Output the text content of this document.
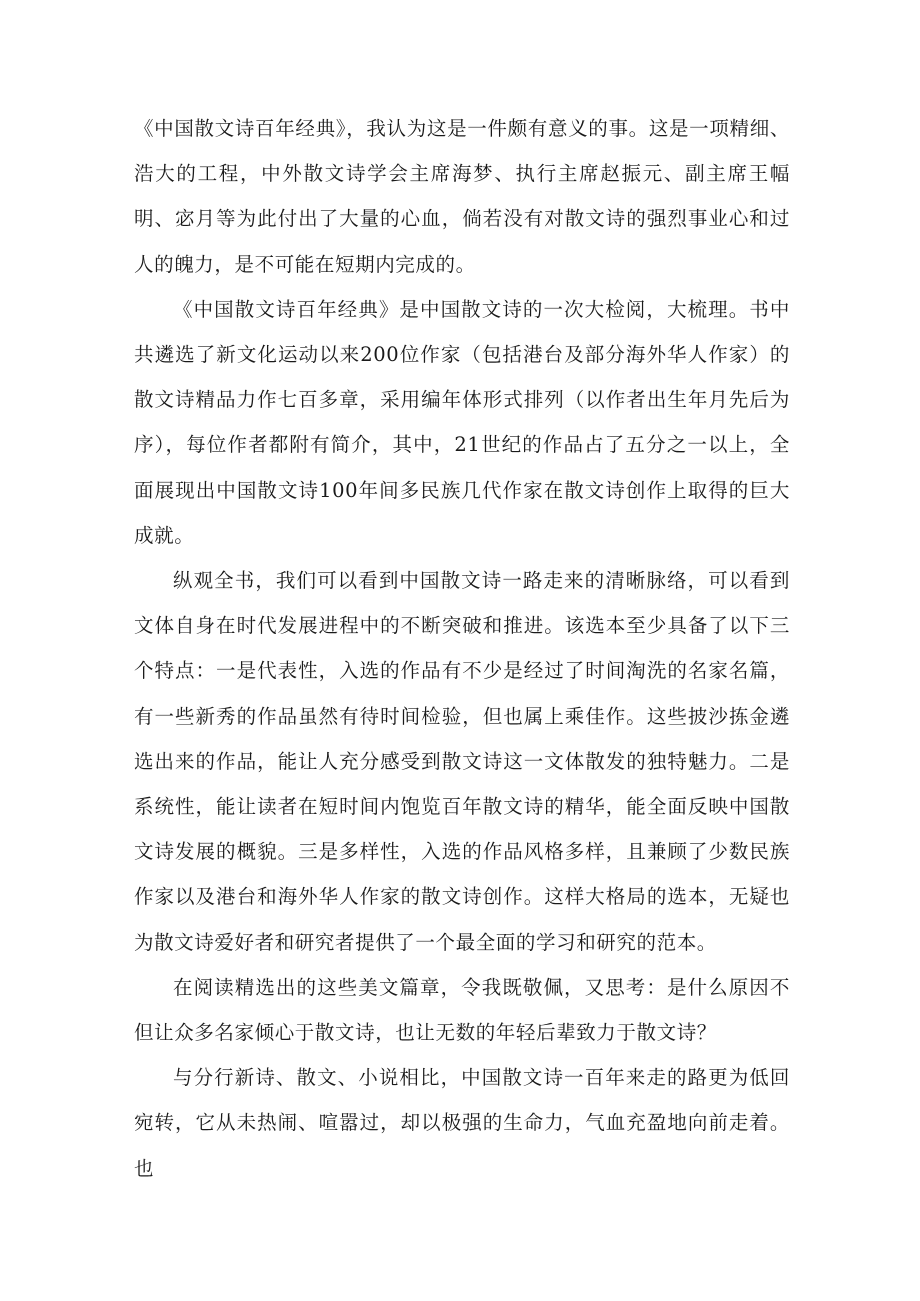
《中国散文诗百年经典》，我认为这是一件颇有意义的事。这是一项精细、浩大的工程，中外散文诗学会主席海梦、执行主席赵振元、副主席王幅明、宓月等为此付出了大量的心血，倘若没有对散文诗的强烈事业心和过人的魄力，是不可能在短期内完成的。

《中国散文诗百年经典》是中国散文诗的一次大检阅，大梳理。书中共遴选了新文化运动以来200位作家（包括港台及部分海外华人作家）的散文诗精品力作七百多章，采用编年体形式排列（以作者出生年月先后为序），每位作者都附有简介，其中，21世纪的作品占了五分之一以上，全面展现出中国散文诗100年间多民族几代作家在散文诗创作上取得的巨大成就。

纵观全书，我们可以看到中国散文诗一路走来的清晰脉络，可以看到文体自身在时代发展进程中的不断突破和推进。该选本至少具备了以下三个特点：一是代表性，入选的作品有不少是经过了时间淘洗的名家名篇，有一些新秀的作品虽然有待时间检验，但也属上乘佳作。这些披沙拣金遴选出来的作品，能让人充分感受到散文诗这一文体散发的独特魅力。二是系统性，能让读者在短时间内饱览百年散文诗的精华，能全面反映中国散文诗发展的概貌。三是多样性，入选的作品风格多样，且兼顾了少数民族作家以及港台和海外华人作家的散文诗创作。这样大格局的选本，无疑也为散文诗爱好者和研究者提供了一个最全面的学习和研究的范本。

在阅读精选出的这些美文篇章，令我既敬佩，又思考：是什么原因不但让众多名家倾心于散文诗，也让无数的年轻后辈致力于散文诗？

与分行新诗、散文、小说相比，中国散文诗一百年来走的路更为低回宛转，它从未热闹、喧嚣过，却以极强的生命力，气血充盈地向前走着。也
